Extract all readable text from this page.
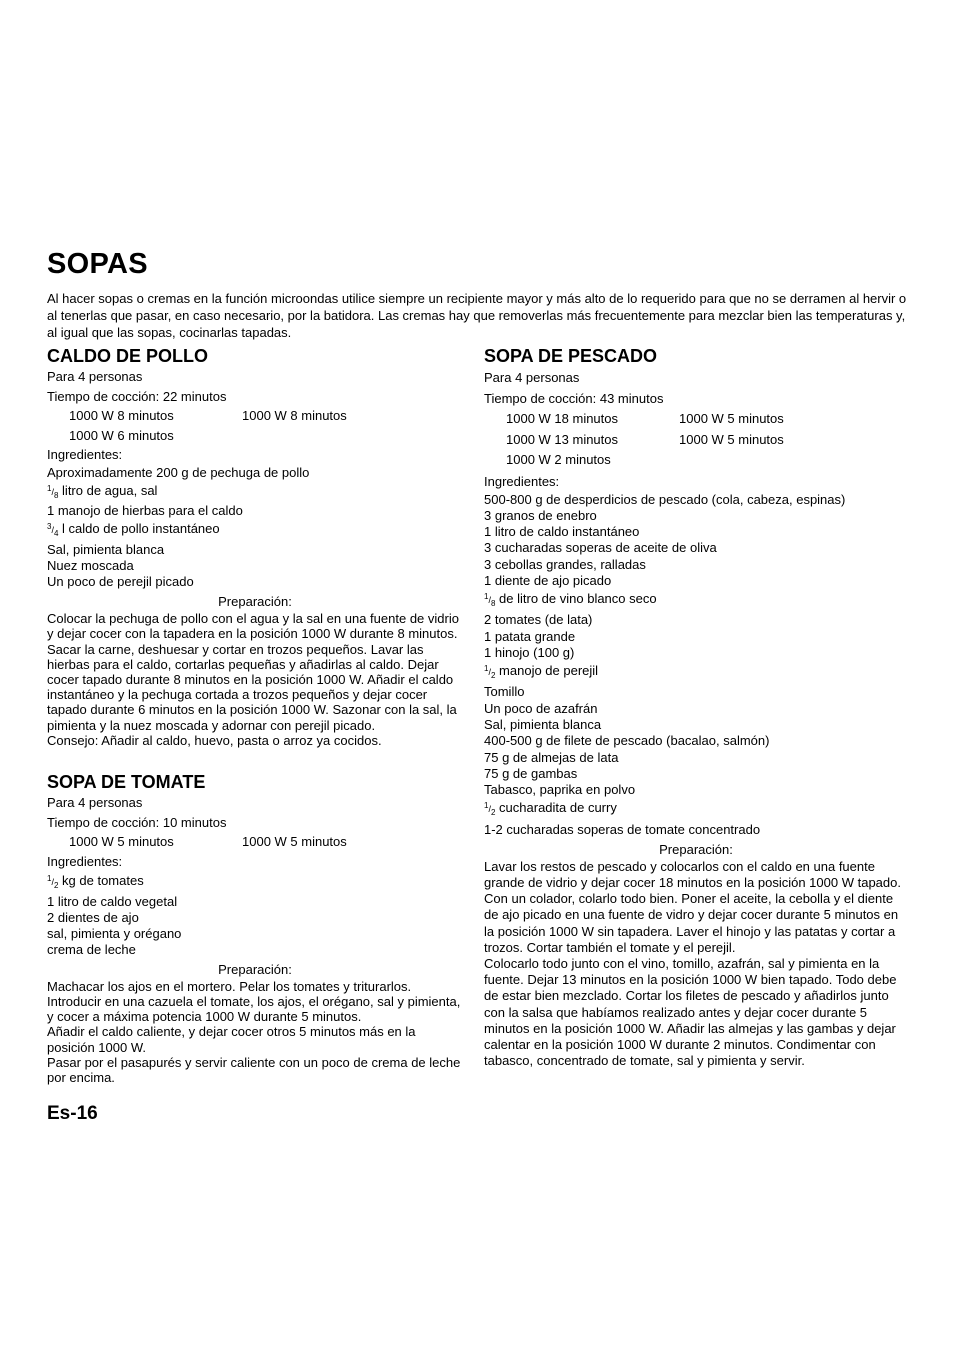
SOPAS

Al hacer sopas o cremas en la función microondas utilice siempre un recipiente mayor y más alto de lo requerido para que no se derramen al hervir o al tenerlas que pasar, en caso necesario, por la batidora. Las cremas hay que removerlas más frecuentemente para mezclar bien las temperaturas y, al igual que las sopas, cocinarlas tapadas.

CALDO DE POLLO
Para 4 personas
Tiempo de cocción: 22 minutos
1000 W 8 minutos	1000 W 8 minutos
1000 W 6 minutos
Ingredientes:
Aproximadamente 200 g de pechuga de pollo
$^1/_8$ litro de agua, sal
1 manojo de hierbas para el caldo
$^3/_4$ l caldo de pollo instantáneo
Sal, pimienta blanca
Nuez moscada
Un poco de perejil picado
Preparación:

Colocar la pechuga de pollo con el agua y la sal en una fuente de vidrio y dejar cocer con la tapadera en la posición 1000 W durante 8 minutos. Sacar la carne, deshuesar y cortar en trozos pequeños. Lavar las hierbas para el caldo, cortarlas pequeñas y añadirlas al caldo. Dejar cocer tapado durante 8 minutos en la posición 1000 W. Añadir el caldo instantáneo y la pechuga cortada a trozos pequeños y dejar cocer tapado durante 6 minutos en la posición 1000 W. Sazonar con la sal, la pimienta y la nuez moscada y adornar con perejil picado.

Consejo: Añadir al caldo, huevo, pasta o arroz ya cocidos.

SOPA DE TOMATE
Para 4 personas
Tiempo de cocción: 10 minutos
1000 W 5 minutos	1000 W 5 minutos
Ingredientes:
$^1/_2$ kg de tomates
1 litro de caldo vegetal
2 dientes de ajo
sal, pimienta y orégano
crema de leche
Preparación:

Machacar los ajos en el mortero. Pelar los tomates y triturarlos. Introducir en una cazuela el tomate, los ajos, el orégano, sal y pimienta, y cocer a máxima potencia 1000 W durante 5 minutos.

Añadir el caldo caliente, y dejar cocer otros 5 minutos más en la posición 1000 W.

Pasar por el pasapurés y servir caliente con un poco de crema de leche por encima.

SOPA DE PESCADO
Para 4 personas
Tiempo de cocción: 43 minutos
1000 W 18 minutos	1000 W 5 minutos
1000 W 13 minutos	1000 W 5 minutos
1000 W 2 minutos
Ingredientes:
500-800 g de desperdicios de pescado (cola, cabeza, espinas)
3 granos de enebro
1 litro de caldo instantáneo
3 cucharadas soperas de aceite de oliva
3 cebollas grandes, ralladas
1 diente de ajo picado
$^1/_8$ de litro de vino blanco seco
2 tomates (de lata)
1 patata grande
1 hinojo (100 g)
$^1/_2$ manojo de perejil
Tomillo
Un poco de azafrán
Sal, pimienta blanca
400-500 g de filete de pescado (bacalao, salmón)
75 g de almejas de lata
75 g de gambas
Tabasco, paprika en polvo
$^1/_2$ cucharadita de curry
1-2 cucharadas soperas de tomate concentrado
Preparación:

Lavar los restos de pescado y colocarlos con el caldo en una fuente grande de vidrio y dejar cocer 18 minutos en la posición 1000 W tapado. Con un colador, colarlo todo bien. Poner el aceite, la cebolla y el diente de ajo picado en una fuente de vidro y dejar cocer durante 5 minutos en la posición 1000 W sin tapadera. Laver el hinojo y las patatas y cortar a trozos. Cortar también el tomate y el perejil.

Colocarlo todo junto con el vino, tomillo, azafrán, sal y pimienta en la fuente. Dejar 13 minutos en la posición 1000 W bien tapado. Todo debe de estar bien mezclado. Cortar los filetes de pescado y añadirlos junto con la salsa que habíamos realizado antes y dejar cocer durante 5 minutos en la posición 1000 W. Añadir las almejas y las gambas y dejar calentar en la posición 1000 W durante 2 minutos. Condimentar con tabasco, concentrado de tomate, sal y pimienta y servir.

Es-16
